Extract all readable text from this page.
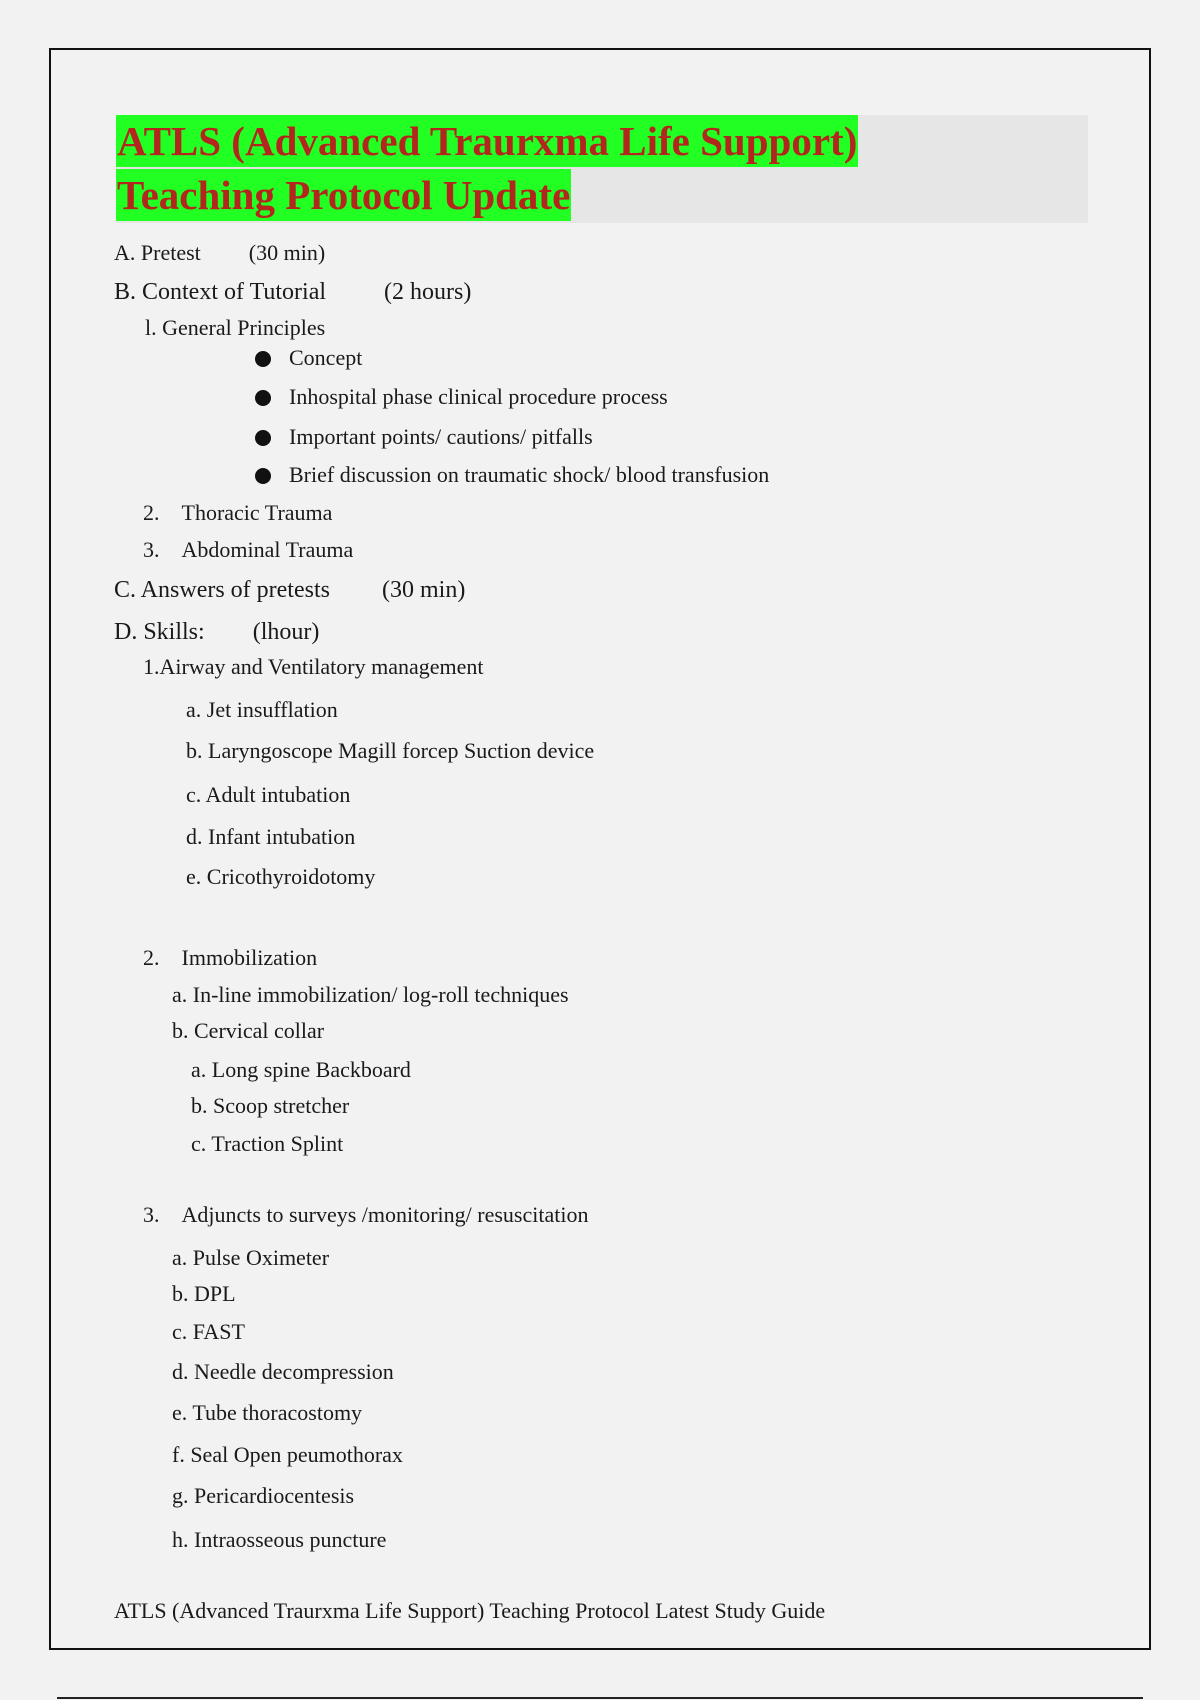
ATLS (Advanced Traurxma Life Support)
Teaching Protocol Update
A. Pretest (30 min)
B. Context of Tutorial (2 hours)
l. General Principles
Concept
Inhospital phase clinical procedure process
Important points/ cautions/ pitfalls
Brief discussion on traumatic shock/ blood transfusion
2. Thoracic Trauma
3. Abdominal Trauma
C. Answers of pretests (30 min)
D. Skills: (lhour)
1.Airway and Ventilatory management
a. Jet insufflation
b. Laryngoscope Magill forcep Suction device
c. Adult intubation
d. Infant intubation
e. Cricothyroidotomy
2. Immobilization
a. In-line immobilization/ log-roll techniques
b. Cervical collar
a. Long spine Backboard
b. Scoop stretcher
c. Traction Splint
3. Adjuncts to surveys /monitoring/ resuscitation
a. Pulse Oximeter
b. DPL
c. FAST
d. Needle decompression
e. Tube thoracostomy
f. Seal Open peumothorax
g. Pericardiocentesis
h. Intraosseous puncture
ATLS (Advanced Traurxma Life Support) Teaching Protocol Latest Study Guide
